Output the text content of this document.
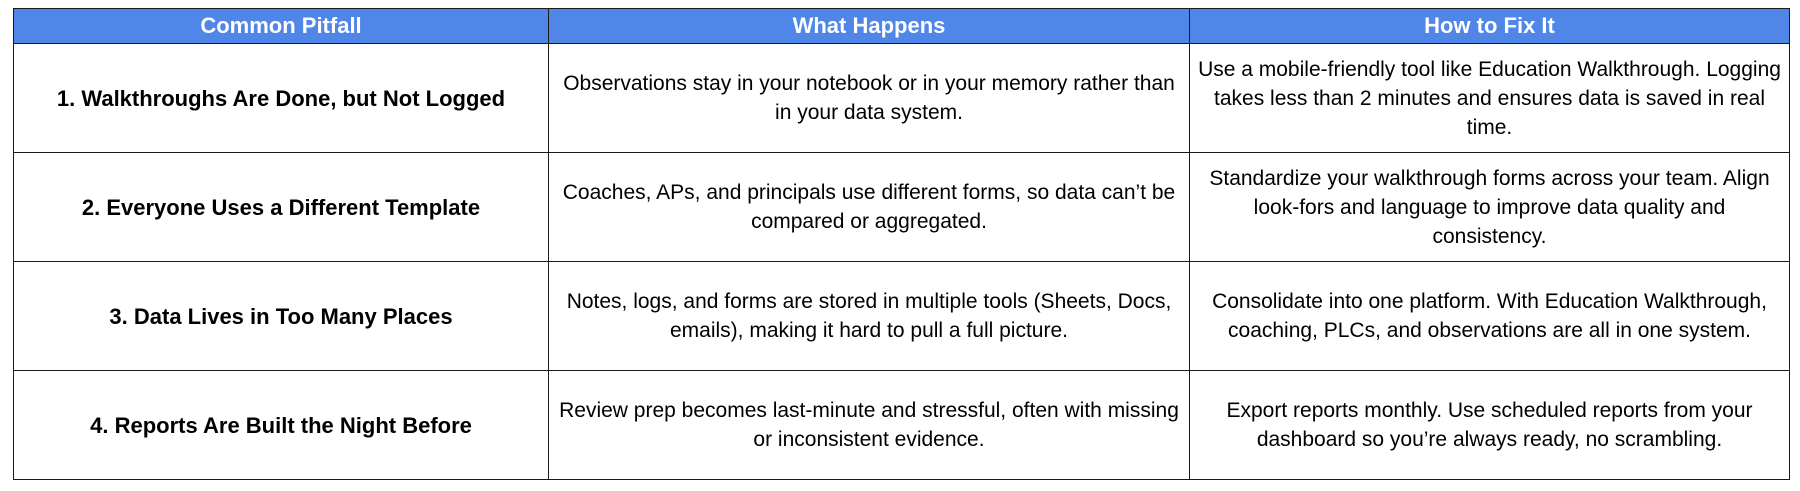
Common Pitfall	What Happens	How to Fix It
1. Walkthroughs Are Done, but Not Logged	Observations stay in your notebook or in your memory rather than in your data system.	Use a mobile-friendly tool like Education Walkthrough. Logging takes less than 2 minutes and ensures data is saved in real time.
2. Everyone Uses a Different Template	Coaches, APs, and principals use different forms, so data can’t be compared or aggregated.	Standardize your walkthrough forms across your team. Align look-fors and language to improve data quality and consistency.
3. Data Lives in Too Many Places	Notes, logs, and forms are stored in multiple tools (Sheets, Docs, emails), making it hard to pull a full picture.	Consolidate into one platform. With Education Walkthrough, coaching, PLCs, and observations are all in one system.
4. Reports Are Built the Night Before	Review prep becomes last-minute and stressful, often with missing or inconsistent evidence.	Export reports monthly. Use scheduled reports from your dashboard so you’re always ready, no scrambling.
